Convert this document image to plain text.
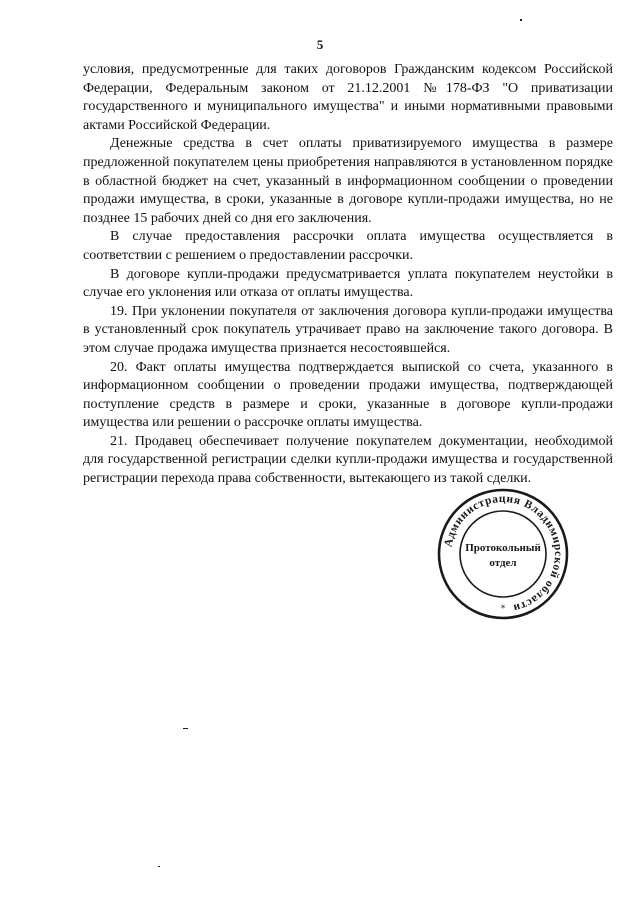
5

условия, предусмотренные для таких договоров Гражданским кодексом Российской Федерации, Федеральным законом от 21.12.2001 №178-ФЗ "О приватизации государственного и муниципального имущества" и иными нормативными правовыми актами Российской Федерации.

Денежные средства в счет оплаты приватизируемого имущества в размере предложенной покупателем цены приобретения направляются в установленном порядке в областной бюджет на счет, указанный в информационном сообщении о проведении продажи имущества, в сроки, указанные в договоре купли-продажи имущества, но не позднее 15 рабочих дней со дня его заключения.

В случае предоставления рассрочки оплата имущества осуществляется в соответствии с решением о предоставлении рассрочки.

В договоре купли-продажи предусматривается уплата покупателем неустойки в случае его уклонения или отказа от оплаты имущества.

19. При уклонении покупателя от заключения договора купли-продажи имущества в установленный срок покупатель утрачивает право на заключение такого договора. В этом случае продажа имущества признается несостоявшейся.

20. Факт оплаты имущества подтверждается выпиской со счета, указанного в информационном сообщении о проведении продажи имущества, подтверждающей поступление средств в размере и сроки, указанные в договоре купли-продажи имущества или решении о рассрочке оплаты имущества.

21. Продавец обеспечивает получение покупателем документации, необходимой для государственной регистрации сделки купли-продажи имущества и государственной регистрации перехода права собственности, вытекающего из такой сделки.

Администрация Владимирской области
*
Протокольный
отдел
